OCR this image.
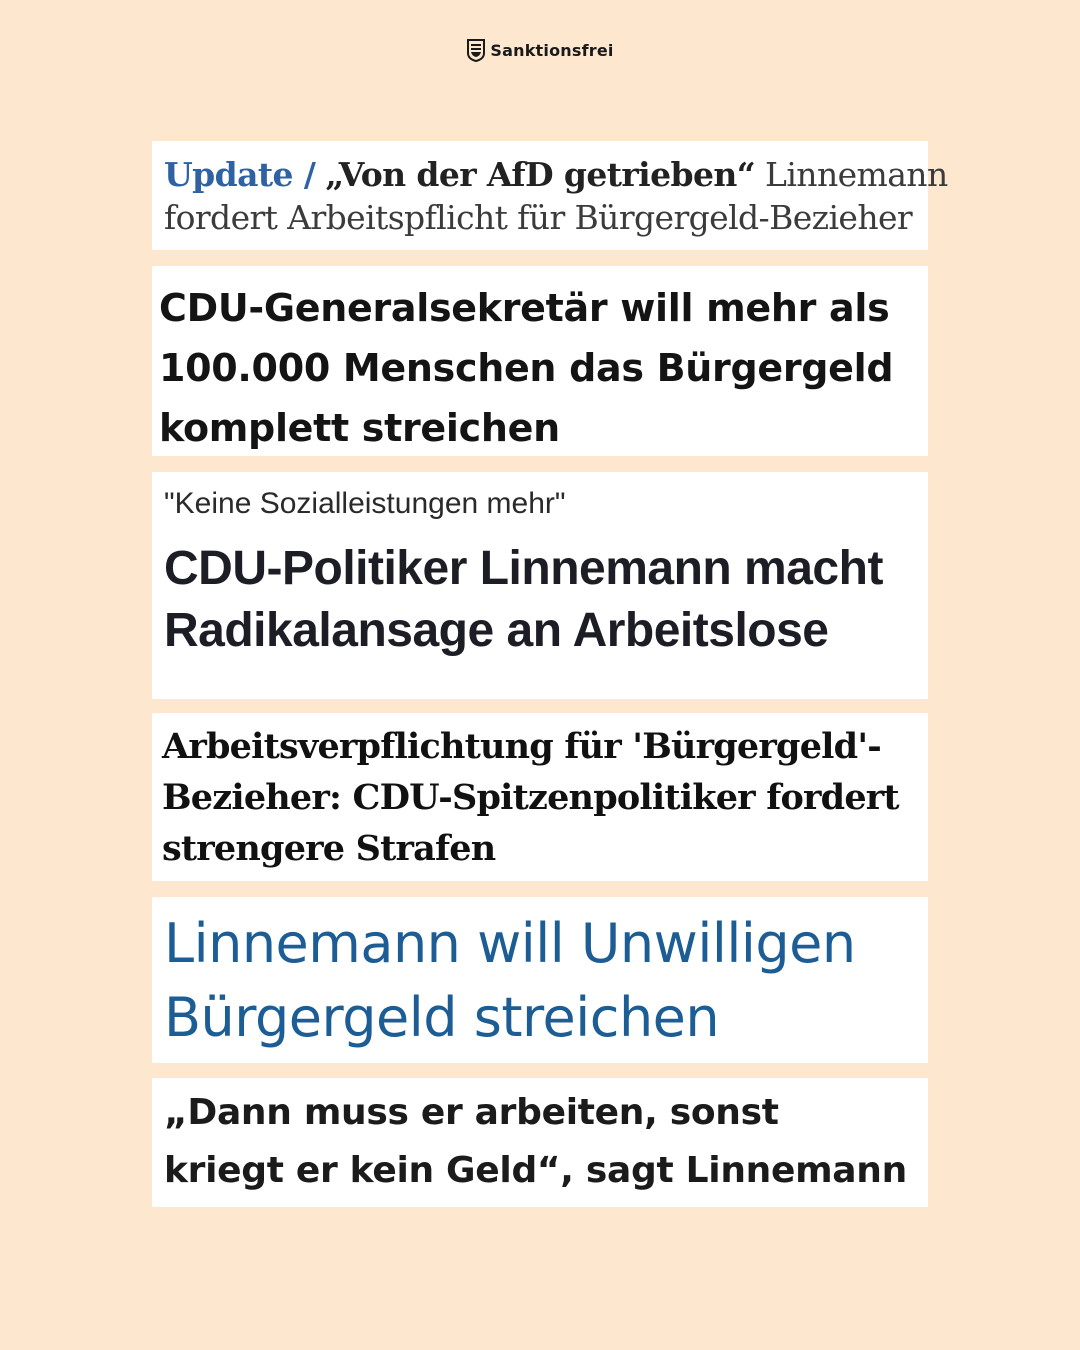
Sanktionsfrei
Update / „Von der AfD getrieben“ Linnemann
fordert Arbeitspflicht für Bürgergeld-Bezieher
CDU-Generalsekretär will mehr als
100.000 Menschen das Bürgergeld
komplett streichen
"Keine Sozialleistungen mehr"
CDU-Politiker Linnemann macht
Radikalansage an Arbeitslose
Arbeitsverpflichtung für 'Bürgergeld'-
Bezieher: CDU-Spitzenpolitiker fordert
strengere Strafen
Linnemann will Unwilligen
Bürgergeld streichen
„Dann muss er arbeiten, sonst
kriegt er kein Geld“, sagt Linnemann
